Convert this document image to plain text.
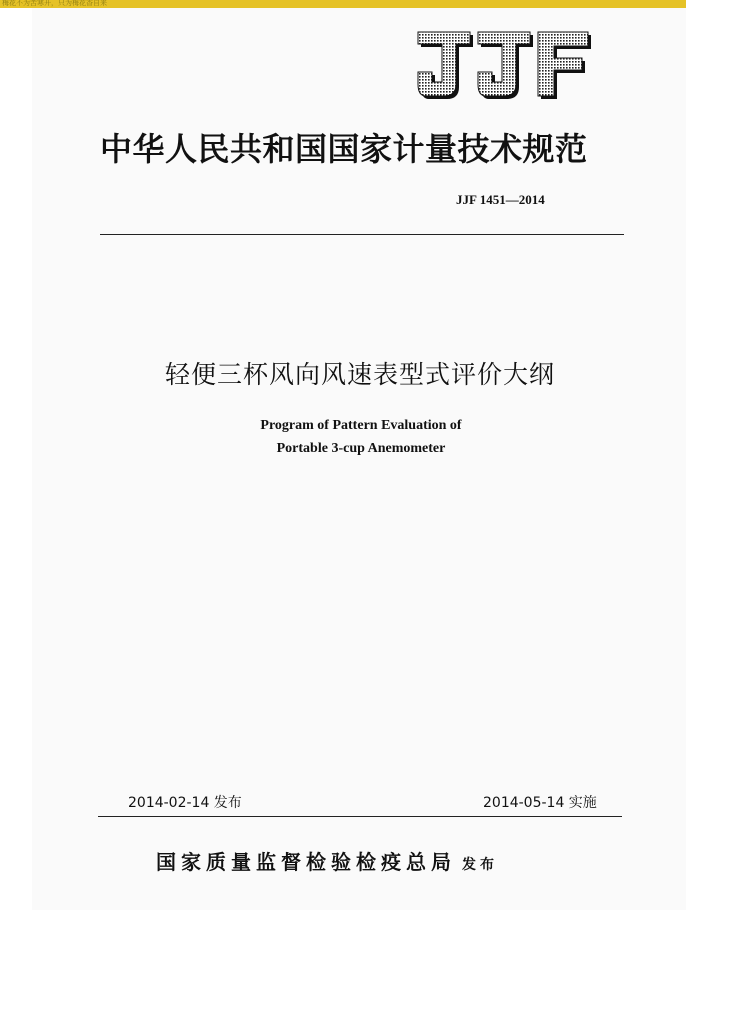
梅花不为苦寒开，只为梅花香自来
中华人民共和国国家计量技术规范
JJF 1451—2014
轻便三杯风向风速表型式评价大纲
Program of Pattern Evaluation of
Portable 3-cup Anemometer
2014-02-14 发布	2014-05-14 实施
国家质量监督检验检疫总局 发布
